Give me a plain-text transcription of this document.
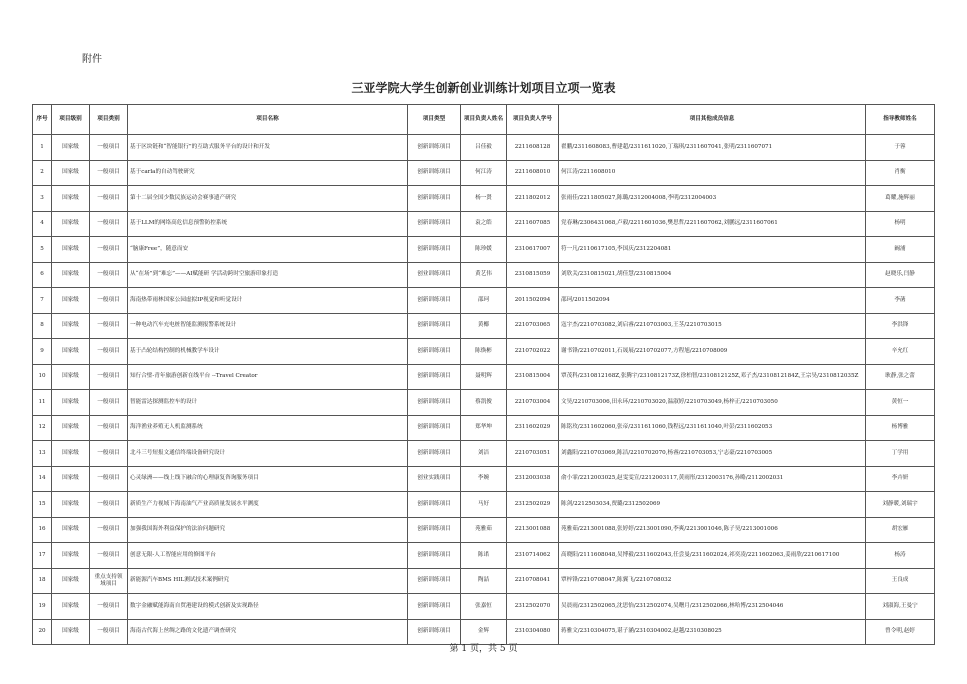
附件
三亚学院大学生创新创业训练计划项目立项一览表
序号	项目级别	项目类别	项目名称	项目类型	项目负责人姓名	项目负责人学号	项目其他成员信息	指导教师姓名
1	国家级	一般项目	基于区块链和“智能银行”的互助式服务平台的设计和开发	创新训练项目	吕佳毅	2211608128	翟鹏/2311608083,曹建超/2311611020,丁瑞琪/2311607041,张明/2311607071	于蓉
2	国家级	一般项目	基于carla的自动驾驶研究	创新训练项目	何江涛	2211608010	何江涛/2211608010	肖衡
3	国家级	一般项目	第十二届全国少数民族运动会赛事遗产研究	创新训练项目	杨一贤	2211802012	张雨佳/2211805027,陈璐/2312004008,李明/2312004003	葛耀,施辉丽
4	国家级	一般项目	基于LLM的网络高危信息预警防控系统	创新训练项目	袁之皓	2211607085	党春琳/2306431068,卢毅/2211601036,樊思哲/2211607062,刘鹏远/2311607061	杨明
5	国家级	一般项目	“脑康Free”，随意而安	创新训练项目	陈珍媛	2310617007	符一凡/2110617105,李国庆/2312204081	阚浦
6	国家级	一般项目	从“在场”到“难忘”——AI赋能研 学活动跨时空旅游印象打造	创业训练项目	黄艺伟	2310815059	刘欣关/2310815021,胡佳慧/2310815004	赵晓乐,闫静
7	国家级	一般项目	海南热带雨林国家公园虚拟IP视觉和听觉设计	创新训练项目	邵珂	2011502094	邵珂/2011502094	李菡
8	国家级	一般项目	一种电动汽车充电桩智能监测报警系统设计	创新训练项目	黄椰	2210703065	寇宇杰/2210703082,刘启睿/2210703003,王茎/2210703015	李洪锋
9	国家级	一般项目	基于凸轮结构控制的机械教学车设计	创新训练项目	陈焕彬	2210702022	谢书锋/2210702011,石晟展/2210702077,方程旭/2210708009	辛允红
10	国家级	一般项目	知行合璧-青年旅游创新在线平台 --Travel Creator	创新训练项目	聂明辉	2310815004	覃茂科/2310812168Z,张腾宇/2310812173Z,徐柏智/2310812125Z,邓子杰/2310812184Z,王宗昊/2310812035Z	耿静,张之蕾
11	国家级	一般项目	智能雷达探测监控车的设计	创新训练项目	蔡凯俊	2210703004	文昊/2210703006,田永环/2210703020,温淑婷/2210703049,杨梓正/2210703050	黄恒一
12	国家级	一般项目	海洋渔业养殖无人机监测系统	创新训练项目	郑华坤	2311602029	陈铭玫/2311602060,张帝/2311611060,钱程远/2311611040,叶彭/2311602053	杨博雅
13	国家级	一般项目	北斗三号短报文通信终端设备研究设计	创新训练项目	刘洁	2210703051	刘鑫阳/2210703069,陈洁/2210702070,杨睿/2210703053,宁志豪/2210703005	丁学用
14	国家级	一般项目	心灵绿洲——线上线下融合的心理康复咨询服务项目	创业实践项目	李婉	2312003038	俞小霏/2212003025,赵雯雯宣/2212003117,黄雨彤/2312003176,孙略/2112002031	李卉妍
15	国家级	一般项目	新质生产力视域下海南油气产业高质量发展水平测度	创新训练项目	马好	2312502029	陈剑/2212503034,贾璐/2312502069	刘静暖,刘瑞宇
16	国家级	一般项目	加强我国海外利益保护的法治问题研究	创新训练项目	苑雅茹	2213001088	苑雅茹/2213001088,张婷婷/2213001090,李爽/2213001046,陈子昊/2213001006	胡宏雁
17	国家级	一般项目	创意无限-人工智能应用的修图平台	创新训练项目	陈诺	2310714062	高晓阳/2111608048,吴博毅/2311602043,任尝曼/2311602024,祁奕凌/2211602063,姜雨欣/2210617100	杨涛
18	国家级	重点支持领域项目	新能源汽车BMS HIL测试技术案例研究	创新训练项目	陶喆	2210708041	覃梓锋/2210708047,陈翼飞/2210708032	王良成
19	国家级	一般项目	数字金融赋能海南自贸港建设的模式创新及实现路径	创新训练项目	张嘉恒	2312502070	吴晨雨/2312502065,沈思怡/2312502074,吴曙月/2312502066,林哈博/2312504046	刘淑海,王曼宁
20	国家级	一般项目	海南古代海上丝绸之路的文化遗产调查研究	创新训练项目	金辉	2310304080	蒋雅文/2310304075,谌子涵/2310304002,赵越/2310308025	曾令明,赵婷
第 1 页，共 5 页
